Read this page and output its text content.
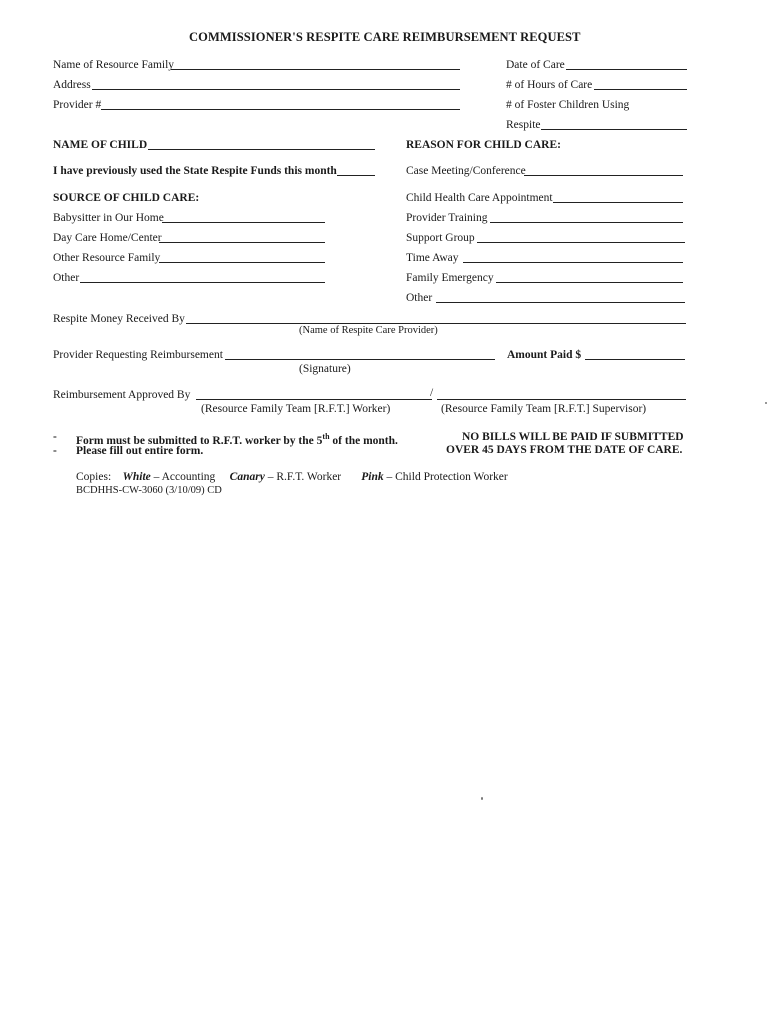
COMMISSIONER'S RESPITE CARE REIMBURSEMENT REQUEST
Name of Resource Family
Address
Provider #
Date of Care
# of Hours of Care
# of Foster Children Using
Respite
NAME OF CHILD	REASON FOR CHILD CARE:
I have previously used the State Respite Funds this month
SOURCE OF CHILD CARE:
Babysitter in Our Home
Day Care Home/Center
Other Resource Family
Other
Case Meeting/Conference
Child Health Care Appointment
Provider Training
Support Group
Time Away
Family Emergency
Other
Respite Money Received By
(Name of Respite Care Provider)
Provider Requesting Reimbursement
(Signature)
Amount Paid $
Reimbursement Approved By	/
(Resource Family Team [R.F.T.] Worker)	(Resource Family Team [R.F.T.] Supervisor)
- Form must be submitted to R.F.T. worker by the 5th of the month.
- Please fill out entire form.
NO BILLS WILL BE PAID IF SUBMITTED
OVER 45 DAYS FROM THE DATE OF CARE.
Copies: White – Accounting Canary – R.F.T. Worker Pink – Child Protection Worker
BCDHHS-CW-3060 (3/10/09) CD
